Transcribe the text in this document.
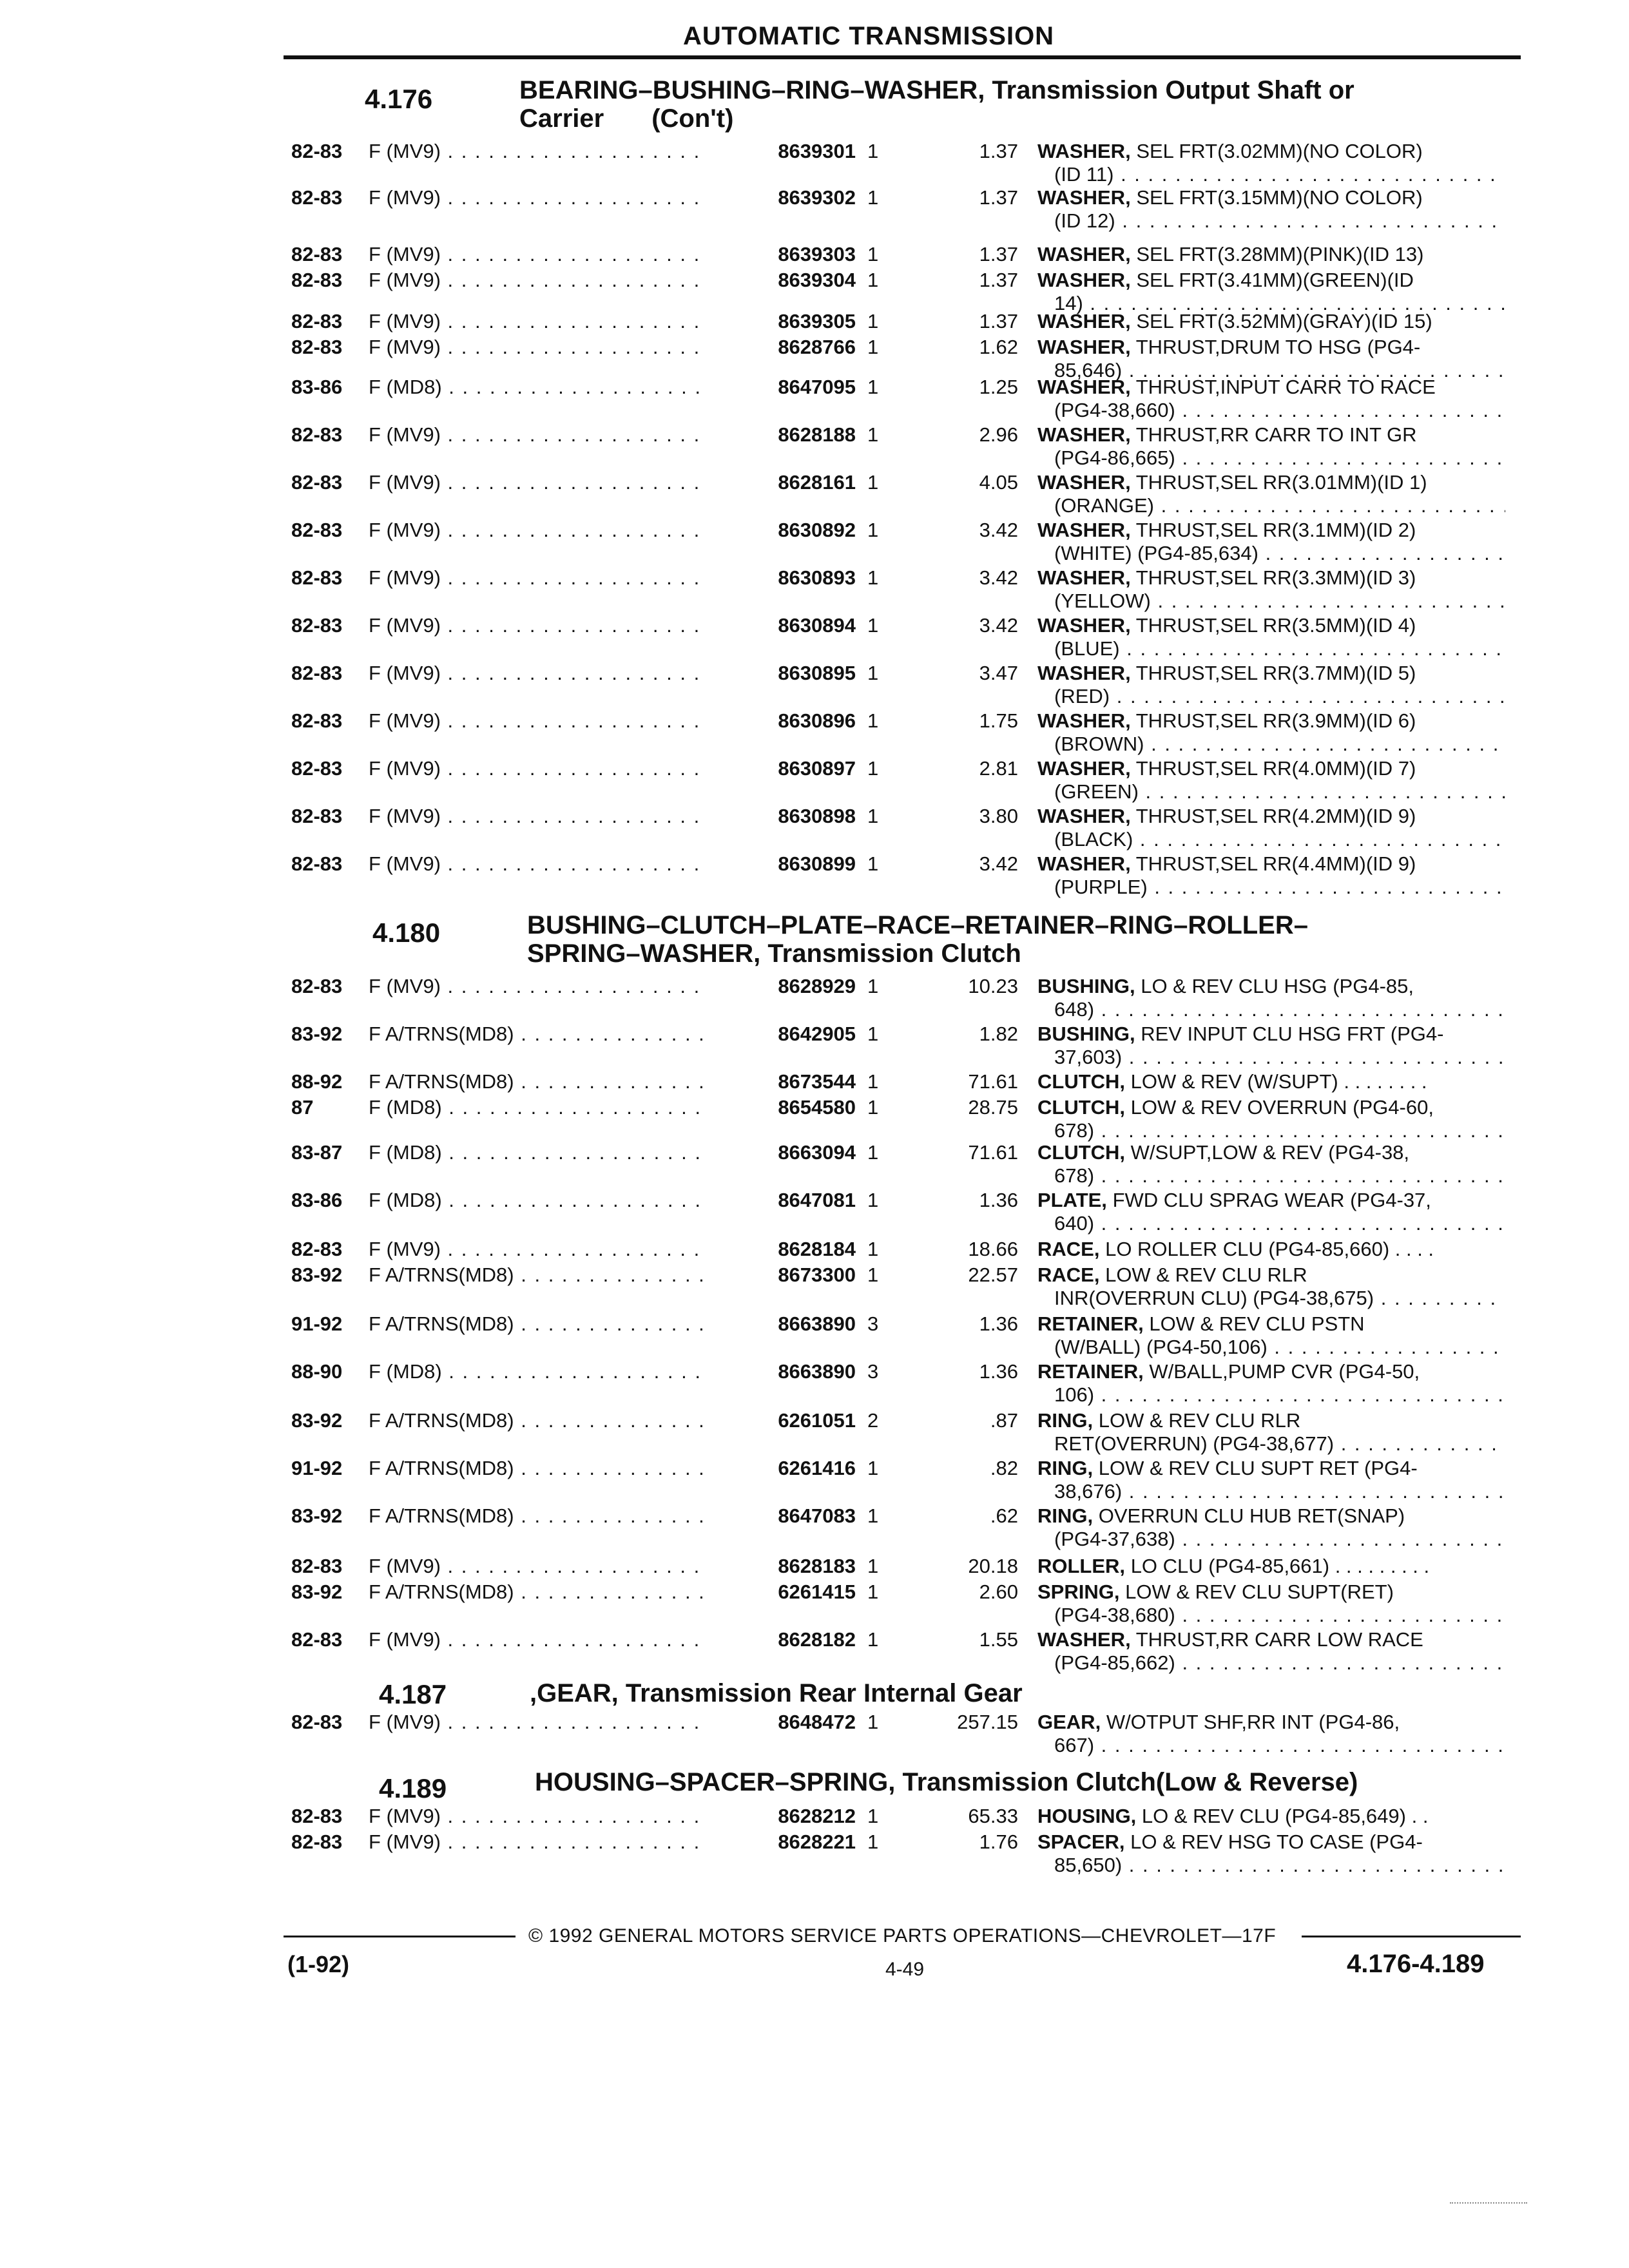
AUTOMATIC TRANSMISSION
4.176	BEARING–BUSHING–RING–WASHER, Transmission Output Shaft or
Carrier (Con't)
82-83	F (MV9) . . .	8639301 1	1.37 WASHER, SEL FRT(3.02MM)(NO COLOR)
(ID 11) . . .
82-83	F (MV9) . . .	8639302 1	1.37 WASHER, SEL FRT(3.15MM)(NO COLOR)
(ID 12) . . .
82-83	F (MV9) . . .	8639303 1	1.37 WASHER, SEL FRT(3.28MM)(PINK)(ID 13)
82-83	F (MV9) . . .	8639304 1	1.37 WASHER, SEL FRT(3.41MM)(GREEN)(ID
14) . . .
82-83	F (MV9) . . .	8639305 1	1.37 WASHER, SEL FRT(3.52MM)(GRAY)(ID 15)
82-83	F (MV9) . . .	8628766 1	1.62 WASHER, THRUST,DRUM TO HSG (PG4-
85,646) . . .
83-86	F (MD8) . . .	8647095 1	1.25 WASHER, THRUST,INPUT CARR TO RACE
(PG4-38,660) . . .
82-83	F (MV9) . . .	8628188 1	2.96 WASHER, THRUST,RR CARR TO INT GR
(PG4-86,665) . . .
82-83	F (MV9) . . .	8628161 1	4.05 WASHER, THRUST,SEL RR(3.01MM)(ID 1)
(ORANGE) . . .
82-83	F (MV9) . . .	8630892 1	3.42 WASHER, THRUST,SEL RR(3.1MM)(ID 2)
(WHITE) (PG4-85,634) . . .
82-83	F (MV9) . . .	8630893 1	3.42 WASHER, THRUST,SEL RR(3.3MM)(ID 3)
(YELLOW) . . .
82-83	F (MV9) . . .	8630894 1	3.42 WASHER, THRUST,SEL RR(3.5MM)(ID 4)
(BLUE) . . .
82-83	F (MV9) . . .	8630895 1	3.47 WASHER, THRUST,SEL RR(3.7MM)(ID 5)
(RED) . . .
82-83	F (MV9) . . .	8630896 1	1.75 WASHER, THRUST,SEL RR(3.9MM)(ID 6)
(BROWN) . . .
82-83	F (MV9) . . .	8630897 1	2.81 WASHER, THRUST,SEL RR(4.0MM)(ID 7)
(GREEN) . . .
82-83	F (MV9) . . .	8630898 1	3.80 WASHER, THRUST,SEL RR(4.2MM)(ID 9)
(BLACK) . . .
82-83	F (MV9) . . .	8630899 1	3.42 WASHER, THRUST,SEL RR(4.4MM)(ID 9)
(PURPLE) . . .
4.180	BUSHING–CLUTCH–PLATE–RACE–RETAINER–RING–ROLLER–
SPRING–WASHER, Transmission Clutch
82-83	F (MV9) . . .	8628929 1	10.23 BUSHING, LO & REV CLU HSG (PG4-85,
648) . . .
83-92	F A/TRNS(MD8) . . .	8642905 1	1.82 BUSHING, REV INPUT CLU HSG FRT (PG4-
37,603) . . .
88-92	F A/TRNS(MD8) . . .	8673544 1	71.61 CLUTCH, LOW & REV (W/SUPT) . . . . . . . .
87	F (MD8) . . .	8654580 1	28.75 CLUTCH, LOW & REV OVERRUN (PG4-60,
678) . . .
83-87	F (MD8) . . .	8663094 1	71.61 CLUTCH, W/SUPT,LOW & REV (PG4-38,
678) . . .
83-86	F (MD8) . . .	8647081 1	1.36 PLATE, FWD CLU SPRAG WEAR (PG4-37,
640) . . .
82-83	F (MV9) . . .	8628184 1	18.66 RACE, LO ROLLER CLU (PG4-85,660) . . . .
83-92	F A/TRNS(MD8) . . .	8673300 1	22.57 RACE, LOW & REV CLU RLR
INR(OVERRUN CLU) (PG4-38,675) . . .
91-92	F A/TRNS(MD8) . . .	8663890 3	1.36 RETAINER, LOW & REV CLU PSTN
(W/BALL) (PG4-50,106) . . .
88-90	F (MD8) . . .	8663890 3	1.36 RETAINER, W/BALL,PUMP CVR (PG4-50,
106) . . .
83-92	F A/TRNS(MD8) . . .	6261051 2	.87 RING, LOW & REV CLU RLR
RET(OVERRUN) (PG4-38,677) . . .
91-92	F A/TRNS(MD8) . . .	6261416 1	.82 RING, LOW & REV CLU SUPT RET (PG4-
38,676) . . .
83-92	F A/TRNS(MD8) . . .	8647083 1	.62 RING, OVERRUN CLU HUB RET(SNAP)
(PG4-37,638) . . .
82-83	F (MV9) . . .	8628183 1	20.18 ROLLER, LO CLU (PG4-85,661) . . . . . . . . .
83-92	F A/TRNS(MD8) . . .	6261415 1	2.60 SPRING, LOW & REV CLU SUPT(RET)
(PG4-38,680) . . .
82-83	F (MV9) . . .	8628182 1	1.55 WASHER, THRUST,RR CARR LOW RACE
(PG4-85,662) . . .
4.187	,GEAR, Transmission Rear Internal Gear
82-83	F (MV9) . . .	8648472 1	257.15 GEAR, W/OTPUT SHF,RR INT (PG4-86,
667) . . .
4.189	HOUSING–SPACER–SPRING, Transmission Clutch(Low & Reverse)
82-83	F (MV9) . . .	8628212 1	65.33 HOUSING, LO & REV CLU (PG4-85,649) . .
82-83	F (MV9) . . .	8628221 1	1.76 SPACER, LO & REV HSG TO CASE (PG4-
85,650) . . .
© 1992 GENERAL MOTORS SERVICE PARTS OPERATIONS—CHEVROLET—17F
(1-92)	4-49	4.176-4.189
